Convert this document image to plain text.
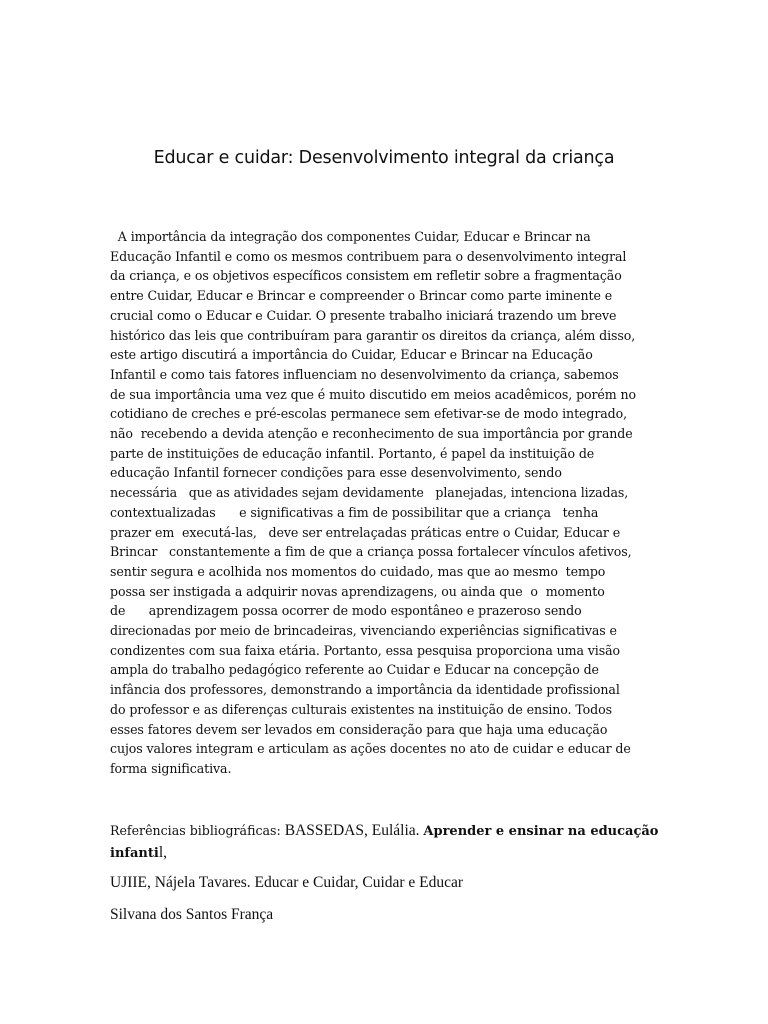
Educar e cuidar: Desenvolvimento integral da criança
A importância da integração dos componentes Cuidar, Educar e Brincar na
Educação Infantil e como os mesmos contribuem para o desenvolvimento integral
da criança, e os objetivos específicos consistem em refletir sobre a fragmentação
entre Cuidar, Educar e Brincar e compreender o Brincar como parte iminente e
crucial como o Educar e Cuidar. O presente trabalho iniciará trazendo um breve
histórico das leis que contribuíram para garantir os direitos da criança, além disso,
este artigo discutirá a importância do Cuidar, Educar e Brincar na Educação
Infantil e como tais fatores influenciam no desenvolvimento da criança, sabemos
de sua importância uma vez que é muito discutido em meios acadêmicos, porém no
cotidiano de creches e pré-escolas permanece sem efetivar-se de modo integrado,
não  recebendo a devida atenção e reconhecimento de sua importância por grande
parte de instituições de educação infantil. Portanto, é papel da instituição de
educação Infantil fornecer condições para esse desenvolvimento, sendo
necessária   que as atividades sejam devidamente   planejadas, intenciona lizadas,
contextualizadas      e significativas a fim de possibilitar que a criança   tenha
prazer em  executá-las,   deve ser entrelaçadas práticas entre o Cuidar, Educar e
Brincar   constantemente a fim de que a criança possa fortalecer vínculos afetivos,
sentir segura e acolhida nos momentos do cuidado, mas que ao mesmo  tempo
possa ser instigada a adquirir novas aprendizagens, ou ainda que  o  momento
de      aprendizagem possa ocorrer de modo espontâneo e prazeroso sendo
direcionadas por meio de brincadeiras, vivenciando experiências significativas e
condizentes com sua faixa etária. Portanto, essa pesquisa proporciona uma visão
ampla do trabalho pedagógico referente ao Cuidar e Educar na concepção de
infância dos professores, demonstrando a importância da identidade profissional
do professor e as diferenças culturais existentes na instituição de ensino. Todos
esses fatores devem ser levados em consideração para que haja uma educação
cujos valores integram e articulam as ações docentes no ato de cuidar e educar de
forma significativa.

Referências bibliográficas: BASSEDAS, Eulália. Aprender e ensinar na educação infantil,

UJIIE, Nájela Tavares. Educar e Cuidar, Cuidar e Educar

Silvana dos Santos França
